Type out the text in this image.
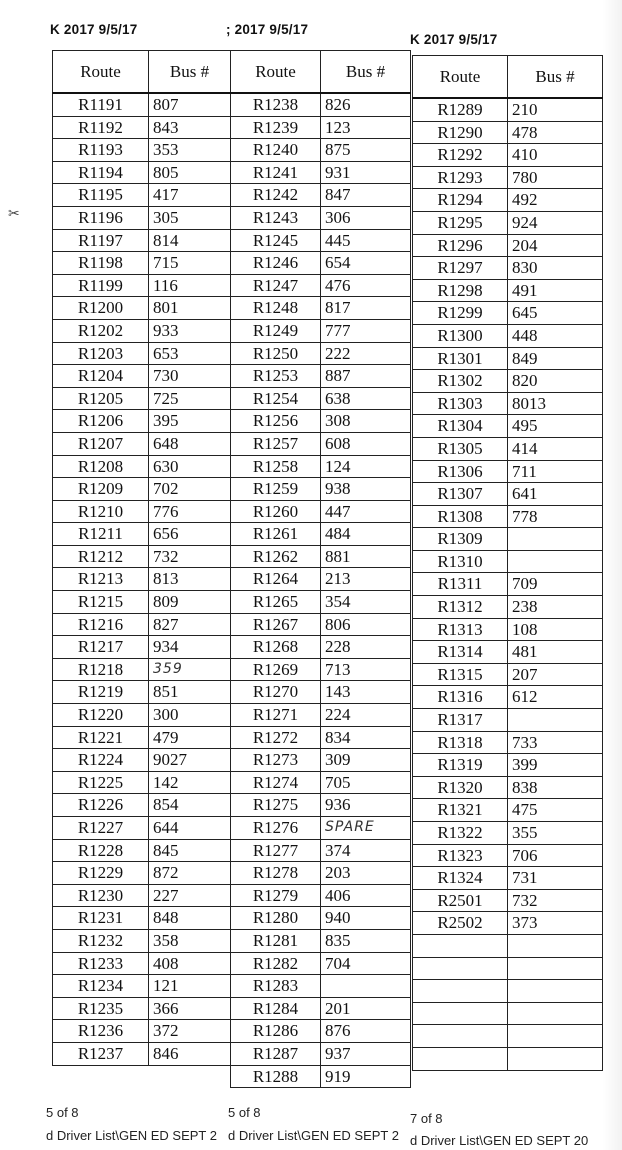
K 2017 9/5/17	; 2017 9/5/17
K 2017 9/5/17
✂
Route	Bus #
R1191	807
R1192	843
R1193	353
R1194	805
R1195	417
R1196	305
R1197	814
R1198	715
R1199	116
R1200	801
R1202	933
R1203	653
R1204	730
R1205	725
R1206	395
R1207	648
R1208	630
R1209	702
R1210	776
R1211	656
R1212	732
R1213	813
R1215	809
R1216	827
R1217	934
R1218	359
R1219	851
R1220	300
R1221	479
R1224	9027
R1225	142
R1226	854
R1227	644
R1228	845
R1229	872
R1230	227
R1231	848
R1232	358
R1233	408
R1234	121
R1235	366
R1236	372
R1237	846
Route	Bus #
R1238	826
R1239	123
R1240	875
R1241	931
R1242	847
R1243	306
R1245	445
R1246	654
R1247	476
R1248	817
R1249	777
R1250	222
R1253	887
R1254	638
R1256	308
R1257	608
R1258	124
R1259	938
R1260	447
R1261	484
R1262	881
R1264	213
R1265	354
R1267	806
R1268	228
R1269	713
R1270	143
R1271	224
R1272	834
R1273	309
R1274	705
R1275	936
R1276	SPARE
R1277	374
R1278	203
R1279	406
R1280	940
R1281	835
R1282	704
R1283	
R1284	201
R1286	876
R1287	937
R1288	919
Route	Bus #
R1289	210
R1290	478
R1292	410
R1293	780
R1294	492
R1295	924
R1296	204
R1297	830
R1298	491
R1299	645
R1300	448
R1301	849
R1302	820
R1303	8013
R1304	495
R1305	414
R1306	711
R1307	641
R1308	778
R1309	
R1310	
R1311	709
R1312	238
R1313	108
R1314	481
R1315	207
R1316	612
R1317	
R1318	733
R1319	399
R1320	838
R1321	475
R1322	355
R1323	706
R1324	731
R2501	732
R2502	373

5 of 8	5 of 8	7 of 8
d Driver List\GEN ED SEPT 2 d Driver List\GEN ED SEPT 2 d Driver List\GEN ED SEPT 20
